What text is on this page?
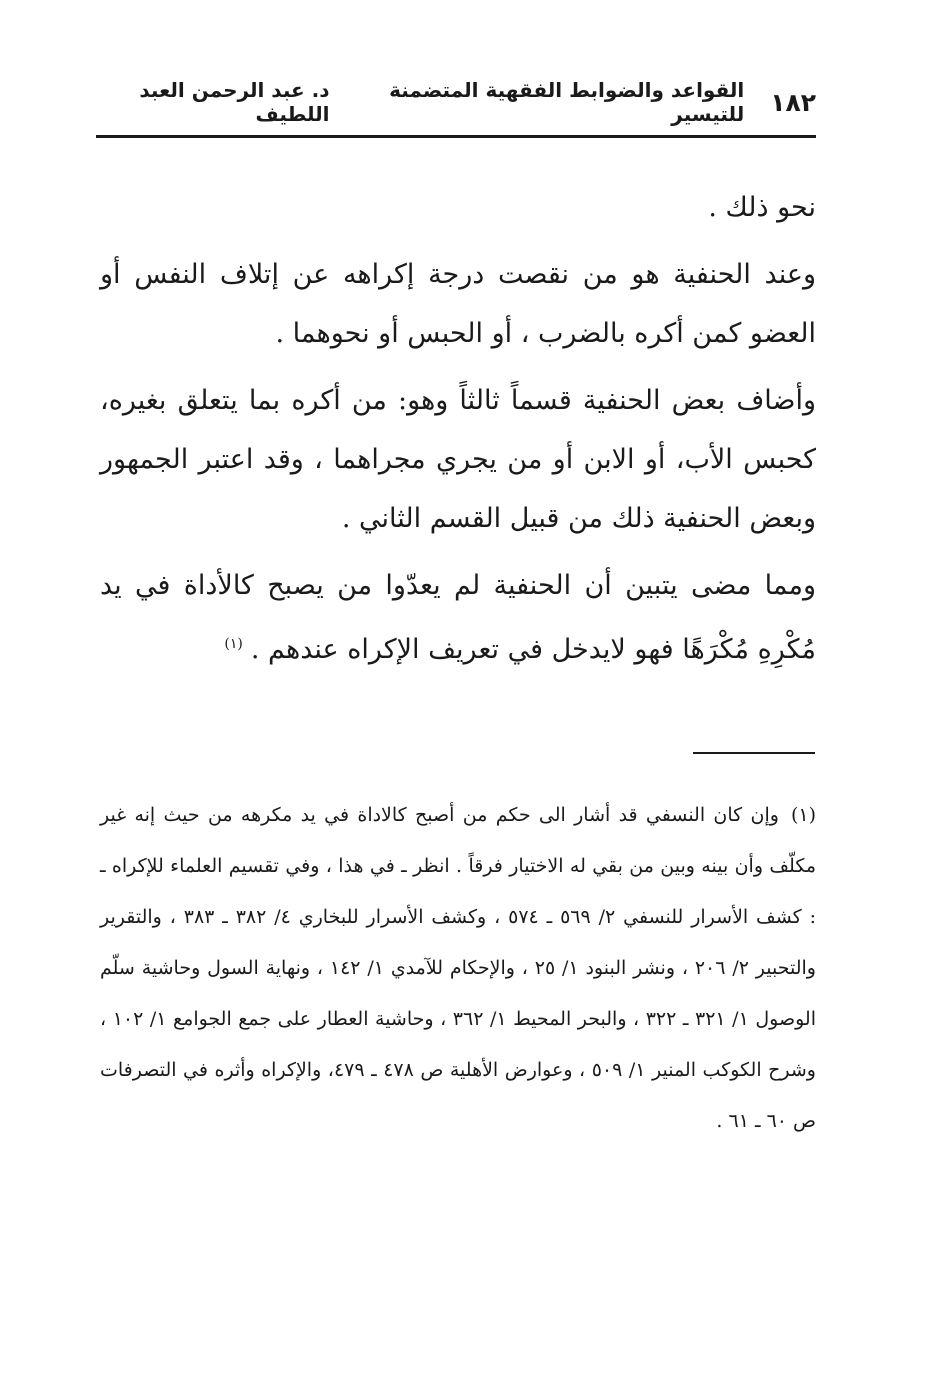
١٨٢
القواعد والضوابط الفقهية المتضمنة للتيسير
د. عبد الرحمن العبد اللطيف

نحو ذلك .

وعند الحنفية هو من نقصت درجة إكراهه عن إتلاف النفس أو العضو كمن أكره بالضرب ، أو الحبس أو نحوهما .

وأضاف بعض الحنفية قسماً ثالثاً وهو: من أكره بما يتعلق بغيره، كحبس الأب، أو الابن أو من يجري مجراهما ، وقد اعتبر الجمهور وبعض الحنفية ذلك من قبيل القسم الثاني .

ومما مضى يتبين أن الحنفية لم يعدّوا من يصبح كالأداة في يد مُكْرِهِ مُكْرَهًا فهو لايدخل في تعريف الإكراه عندهم .$^{(١)}$

(١)وإن كان النسفي قد أشار الى حكم من أصبح كالاداة في يد مكرهه من حيث إنه غير مكلّف وأن بينه وبين من بقي له الاختيار فرقاً . انظر ـ في هذا ، وفي تقسيم العلماء للإكراه ـ : كشف الأسرار للنسفي ٢/ ٥٦٩ ـ ٥٧٤ ، وكشف الأسرار للبخاري ٤/ ٣٨٢ ـ ٣٨٣ ، والتقرير والتحبير ٢/ ٢٠٦ ، ونشر البنود ١/ ٢٥ ، والإحكام للآمدي ١/ ١٤٢ ، ونهاية السول وحاشية سلّم الوصول ١/ ٣٢١ ـ ٣٢٢ ، والبحر المحيط ١/ ٣٦٢ ، وحاشية العطار على جمع الجوامع ١/ ١٠٢ ، وشرح الكوكب المنير ١/ ٥٠٩ ، وعوارض الأهلية ص ٤٧٨ ـ ٤٧٩، والإكراه وأثره في التصرفات ص ٦٠ ـ ٦١ .
